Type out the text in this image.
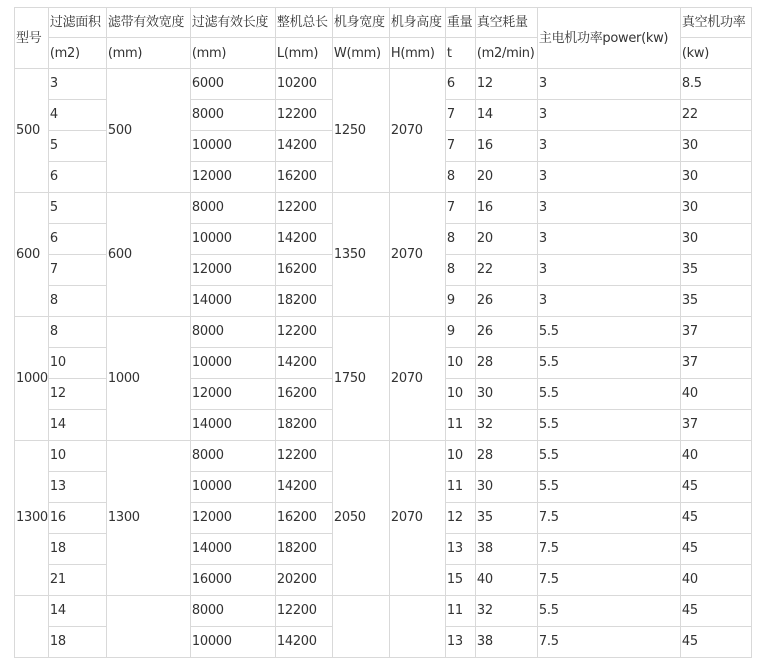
型号	过滤面积	滤带有效宽度	过滤有效长度	整机总长	机身宽度	机身高度	重量	真空耗量	主电机功率power(kw)	真空机功率
	(m2)	(mm)	(mm)	L(mm)	W(mm)	H(mm)	t	(m2/min)		(kw)
500	3	500	6000	10200	1250	2070	6	12	3	8.5
	4		8000	12200			7	14	3	22
	5		10000	14200			7	16	3	30
	6		12000	16200			8	20	3	30
600	5	600	8000	12200	1350	2070	7	16	3	30
	6		10000	14200			8	20	3	30
	7		12000	16200			8	22	3	35
	8		14000	18200			9	26	3	35
1000	8	1000	8000	12200	1750	2070	9	26	5.5	37
	10		10000	14200			10	28	5.5	37
	12		12000	16200			10	30	5.5	40
	14		14000	18200			11	32	5.5	37
1300	10	1300	8000	12200	2050	2070	10	28	5.5	40
	13		10000	14200			11	30	5.5	45
	16		12000	16200			12	35	7.5	45
	18		14000	18200			13	38	7.5	45
	21		16000	20200			15	40	7.5	40
	14		8000	12200			11	32	5.5	45
	18		10000	14200			13	38	7.5	45
